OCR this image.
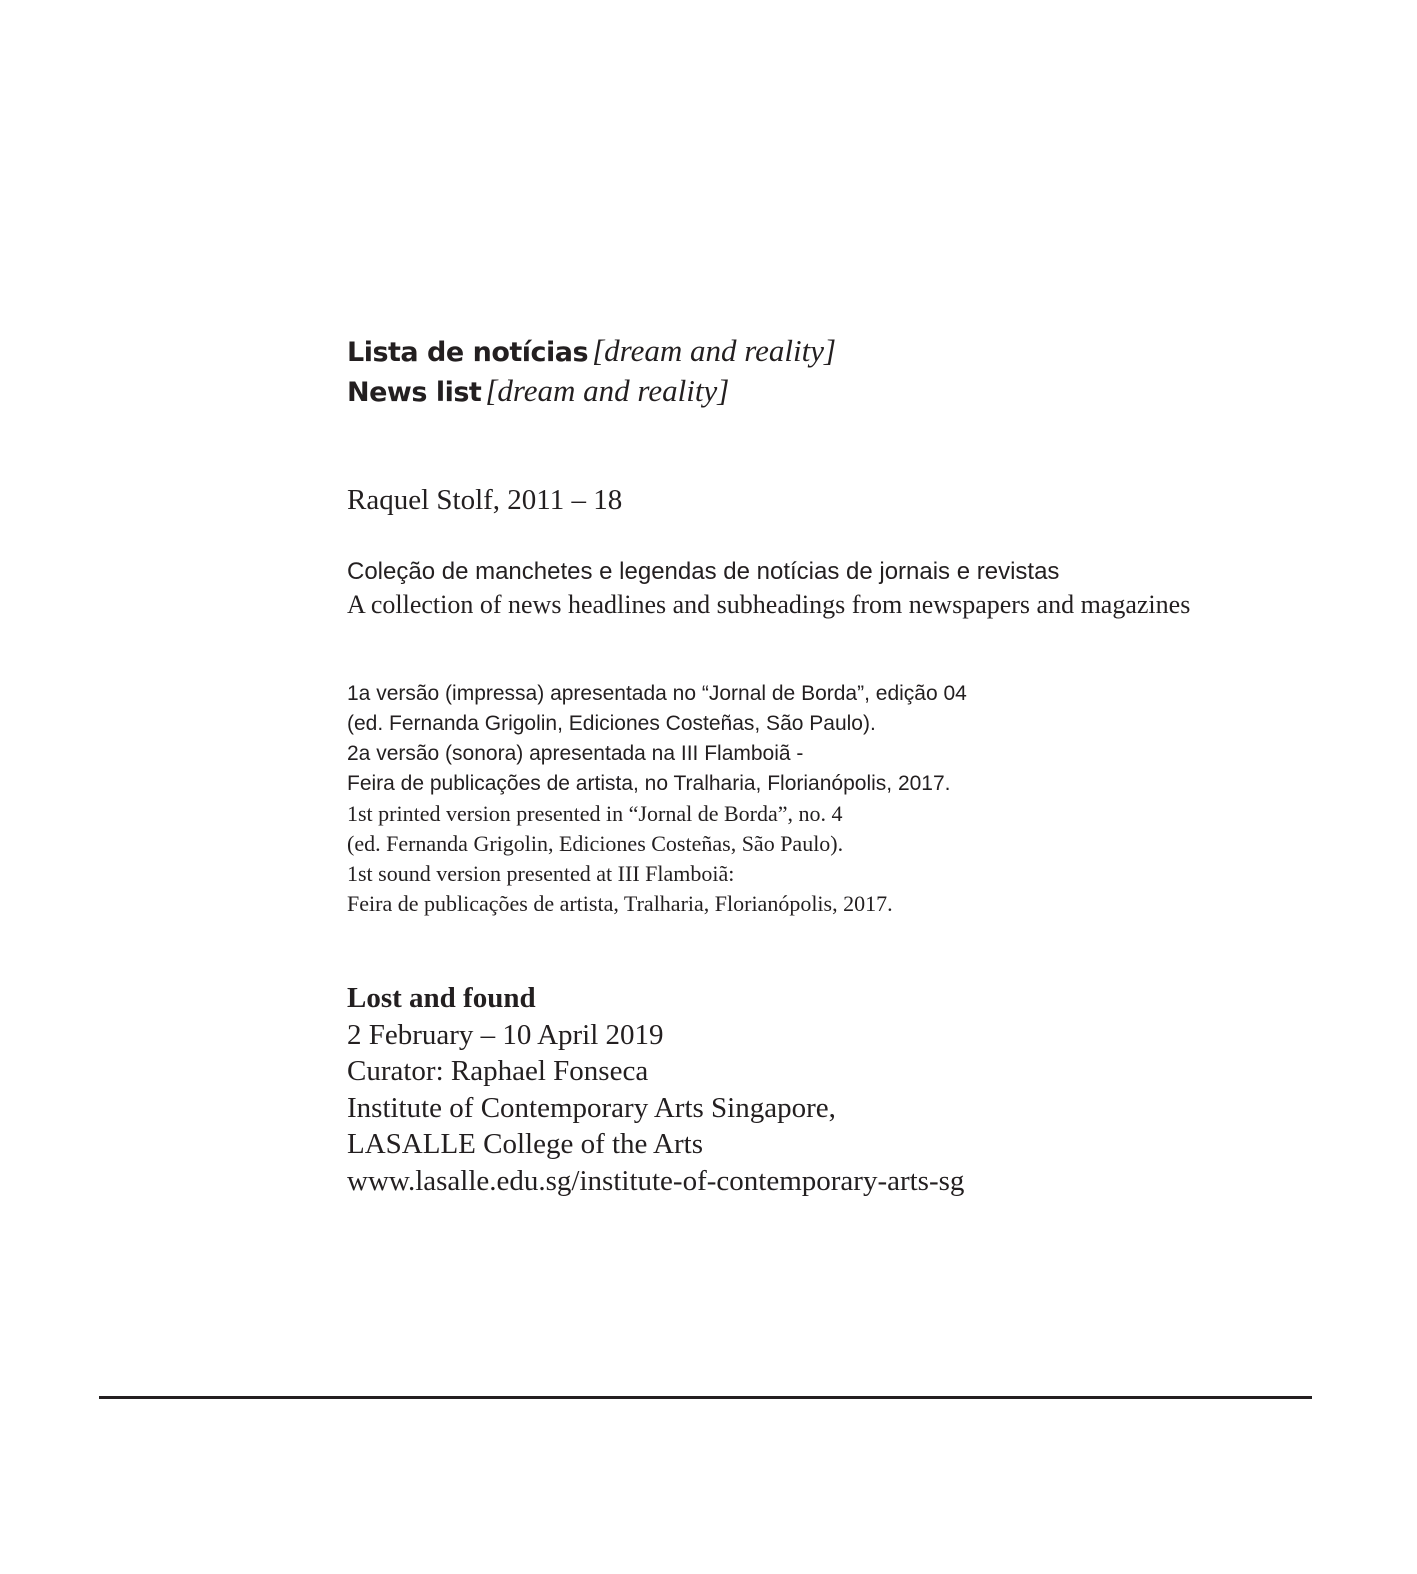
Lista de notícias [dream and reality]
News list [dream and reality]
Raquel Stolf, 2011 – 18
Coleção de manchetes e legendas de notícias de jornais e revistas
A collection of news headlines and subheadings from newspapers and magazines
1a versão (impressa) apresentada no “Jornal de Borda”, edição 04
(ed. Fernanda Grigolin, Ediciones Costeñas, São Paulo).
2a versão (sonora) apresentada na III Flamboiã -
Feira de publicações de artista, no Tralharia, Florianópolis, 2017.
1st printed version presented in “Jornal de Borda”, no. 4
(ed. Fernanda Grigolin, Ediciones Costeñas, São Paulo).
1st sound version presented at III Flamboiã:
Feira de publicações de artista, Tralharia, Florianópolis, 2017.
Lost and found
2 February – 10 April 2019
Curator: Raphael Fonseca
Institute of Contemporary Arts Singapore,
LASALLE College of the Arts
www.lasalle.edu.sg/institute-of-contemporary-arts-sg
